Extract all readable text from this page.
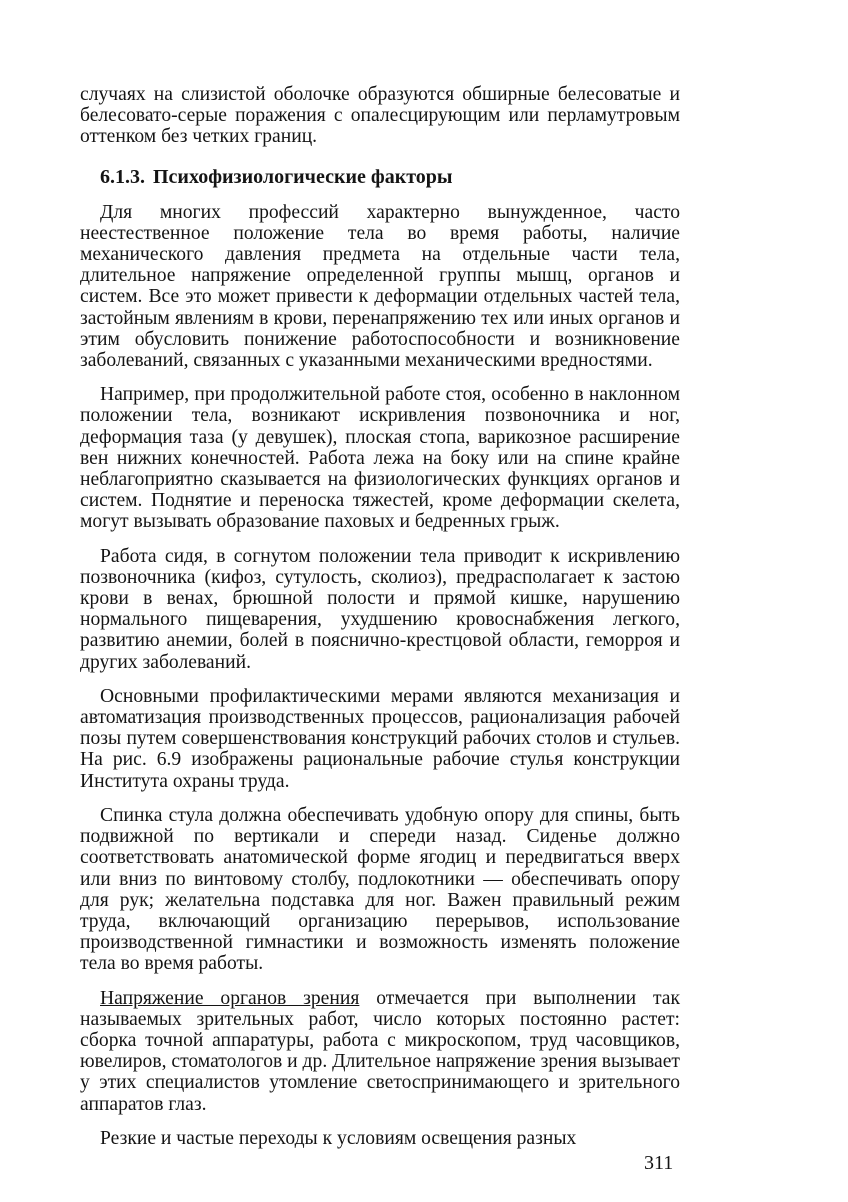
случаях на слизистой оболочке образуются обширные белесоватые и белесовато-серые поражения с опалесцирующим или перламутровым оттенком без четких границ.

6.1.3. Психофизиологические факторы

Для многих профессий характерно вынужденное, часто неестественное положение тела во время работы, наличие механического давления предмета на отдельные части тела, длительное напряжение определенной группы мышц, органов и систем. Все это может привести к деформации отдельных частей тела, застойным явлениям в крови, перенапряжению тех или иных органов и этим обусловить понижение работоспособности и возникновение заболеваний, связанных с указанными механическими вредностями.

Например, при продолжительной работе стоя, особенно в наклонном положении тела, возникают искривления позвоночника и ног, деформация таза (у девушек), плоская стопа, варикозное расширение вен нижних конечностей. Работа лежа на боку или на спине крайне неблагоприятно сказывается на физиологических функциях органов и систем. Поднятие и переноска тяжестей, кроме деформации скелета, могут вызывать образование паховых и бедренных грыж.

Работа сидя, в согнутом положении тела приводит к искривлению позвоночника (кифоз, сутулость, сколиоз), предрасполагает к застою крови в венах, брюшной полости и прямой кишке, нарушению нормального пищеварения, ухудшению кровоснабжения легкого, развитию анемии, болей в пояснично-крестцовой области, геморроя и других заболеваний.

Основными профилактическими мерами являются механизация и автоматизация производственных процессов, рационализация рабочей позы путем совершенствования конструкций рабочих столов и стульев. На рис. 6.9 изображены рациональные рабочие стулья конструкции Института охраны труда.

Спинка стула должна обеспечивать удобную опору для спины, быть подвижной по вертикали и спереди назад. Сиденье должно соответствовать анатомической форме ягодиц и передвигаться вверх или вниз по винтовому столбу, подлокотники — обеспечивать опору для рук; желательна подставка для ног. Важен правильный режим труда, включающий организацию перерывов, использование производственной гимнастики и возможность изменять положение тела во время работы.

Напряжение органов зрения отмечается при выполнении так называемых зрительных работ, число которых постоянно растет: сборка точной аппаратуры, работа с микроскопом, труд часовщиков, ювелиров, стоматологов и др. Длительное напряжение зрения вызывает у этих специалистов утомление светоспринимающего и зрительного аппаратов глаз.

Резкие и частые переходы к условиям освещения разных

311
